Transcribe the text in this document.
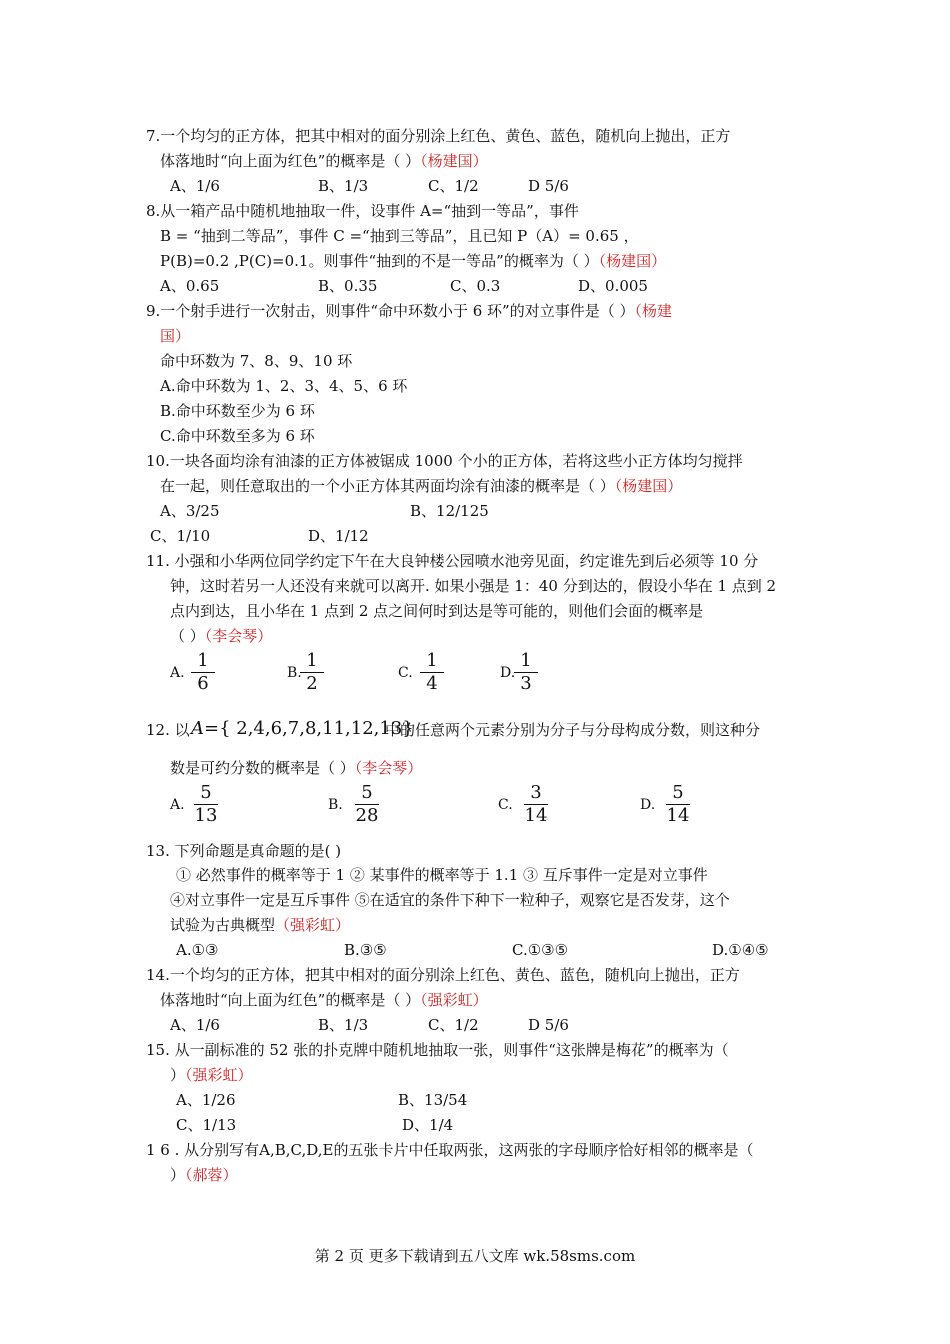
7.一个均匀的正方体，把其中相对的面分别涂上红色、黄色、蓝色，随机向上抛出，正方
体落地时“向上面为红色”的概率是（ ）（杨建国）
A、1/6	B、1/3	C、1/2	D 5/6
8.从一箱产品中随机地抽取一件，设事件 A=“抽到一等品”，事件
B = “抽到二等品”，事件 C =“抽到三等品”，且已知 P（A）= 0.65 ，
P(B)=0.2 ,P(C)=0.1。则事件“抽到的不是一等品”的概率为（ ）（杨建国）
A、0.65	B、0.35	C、0.3	D、0.005
9.一个射手进行一次射击，则事件“命中环数小于 6 环”的对立事件是（ ）（杨建
国）
命中环数为 7、8、9、10 环
A.命中环数为 1、2、3、4、5、6 环
B.命中环数至少为 6 环
C.命中环数至多为 6 环
10.一块各面均涂有油漆的正方体被锯成 1000 个小的正方体，若将这些小正方体均匀搅拌
在一起，则任意取出的一个小正方体其两面均涂有油漆的概率是（ ）（杨建国）
A、3/25	B、12/125
C、1/10	D、1/12
11. 小强和小华两位同学约定下午在大良钟楼公园喷水池旁见面，约定谁先到后必须等 10 分
钟，这时若另一人还没有来就可以离开. 如果小强是 1：40 分到达的，假设小华在 1 点到 2
点内到达，且小华在 1 点到 2 点之间何时到达是等可能的，则他们会面的概率是
（ ）（李会琴）
A. $\frac{1}{6}$	B.
$\frac{1}{2}$	C. $\frac{1}{4}$	D.
$\frac{1}{3}$
12. 以 A={ 2,4,6,7,8,11,12,13}
中的任意两个元素分别为分子与分母构成分数，则这种分
数是可约分数的概率是（ ）（李会琴）
A. $\frac{5}{13}$	B. $\frac{5}{28}$	C. $\frac{3}{14}$	D. $\frac{5}{14}$
13. 下列命题是真命题的是( )
① 必然事件的概率等于 1 ② 某事件的概率等于 1.1 ③ 互斥事件一定是对立事件
④对立事件一定是互斥事件 ⑤在适宜的条件下种下一粒种子，观察它是否发芽，这个
试验为古典概型（强彩虹）
A.①③	B.③⑤	C.①③⑤	D.①④⑤
14.一个均匀的正方体，把其中相对的面分别涂上红色、黄色、蓝色，随机向上抛出，正方
体落地时“向上面为红色”的概率是（ ）（强彩虹）
A、1/6	B、1/3	C、1/2	D 5/6
15. 从一副标准的 52 张的扑克牌中随机地抽取一张，则事件“这张牌是梅花”的概率为（
）（强彩虹）
A、1/26	B、13/54
C、1/13	D、1/4
1 6 . 从分别写有A,B,C,D,E的五张卡片中任取两张，这两张的字母顺序恰好相邻的概率是（
）（郝蓉）
第 2 页 更多下载请到五八文库 wk.58sms.com
